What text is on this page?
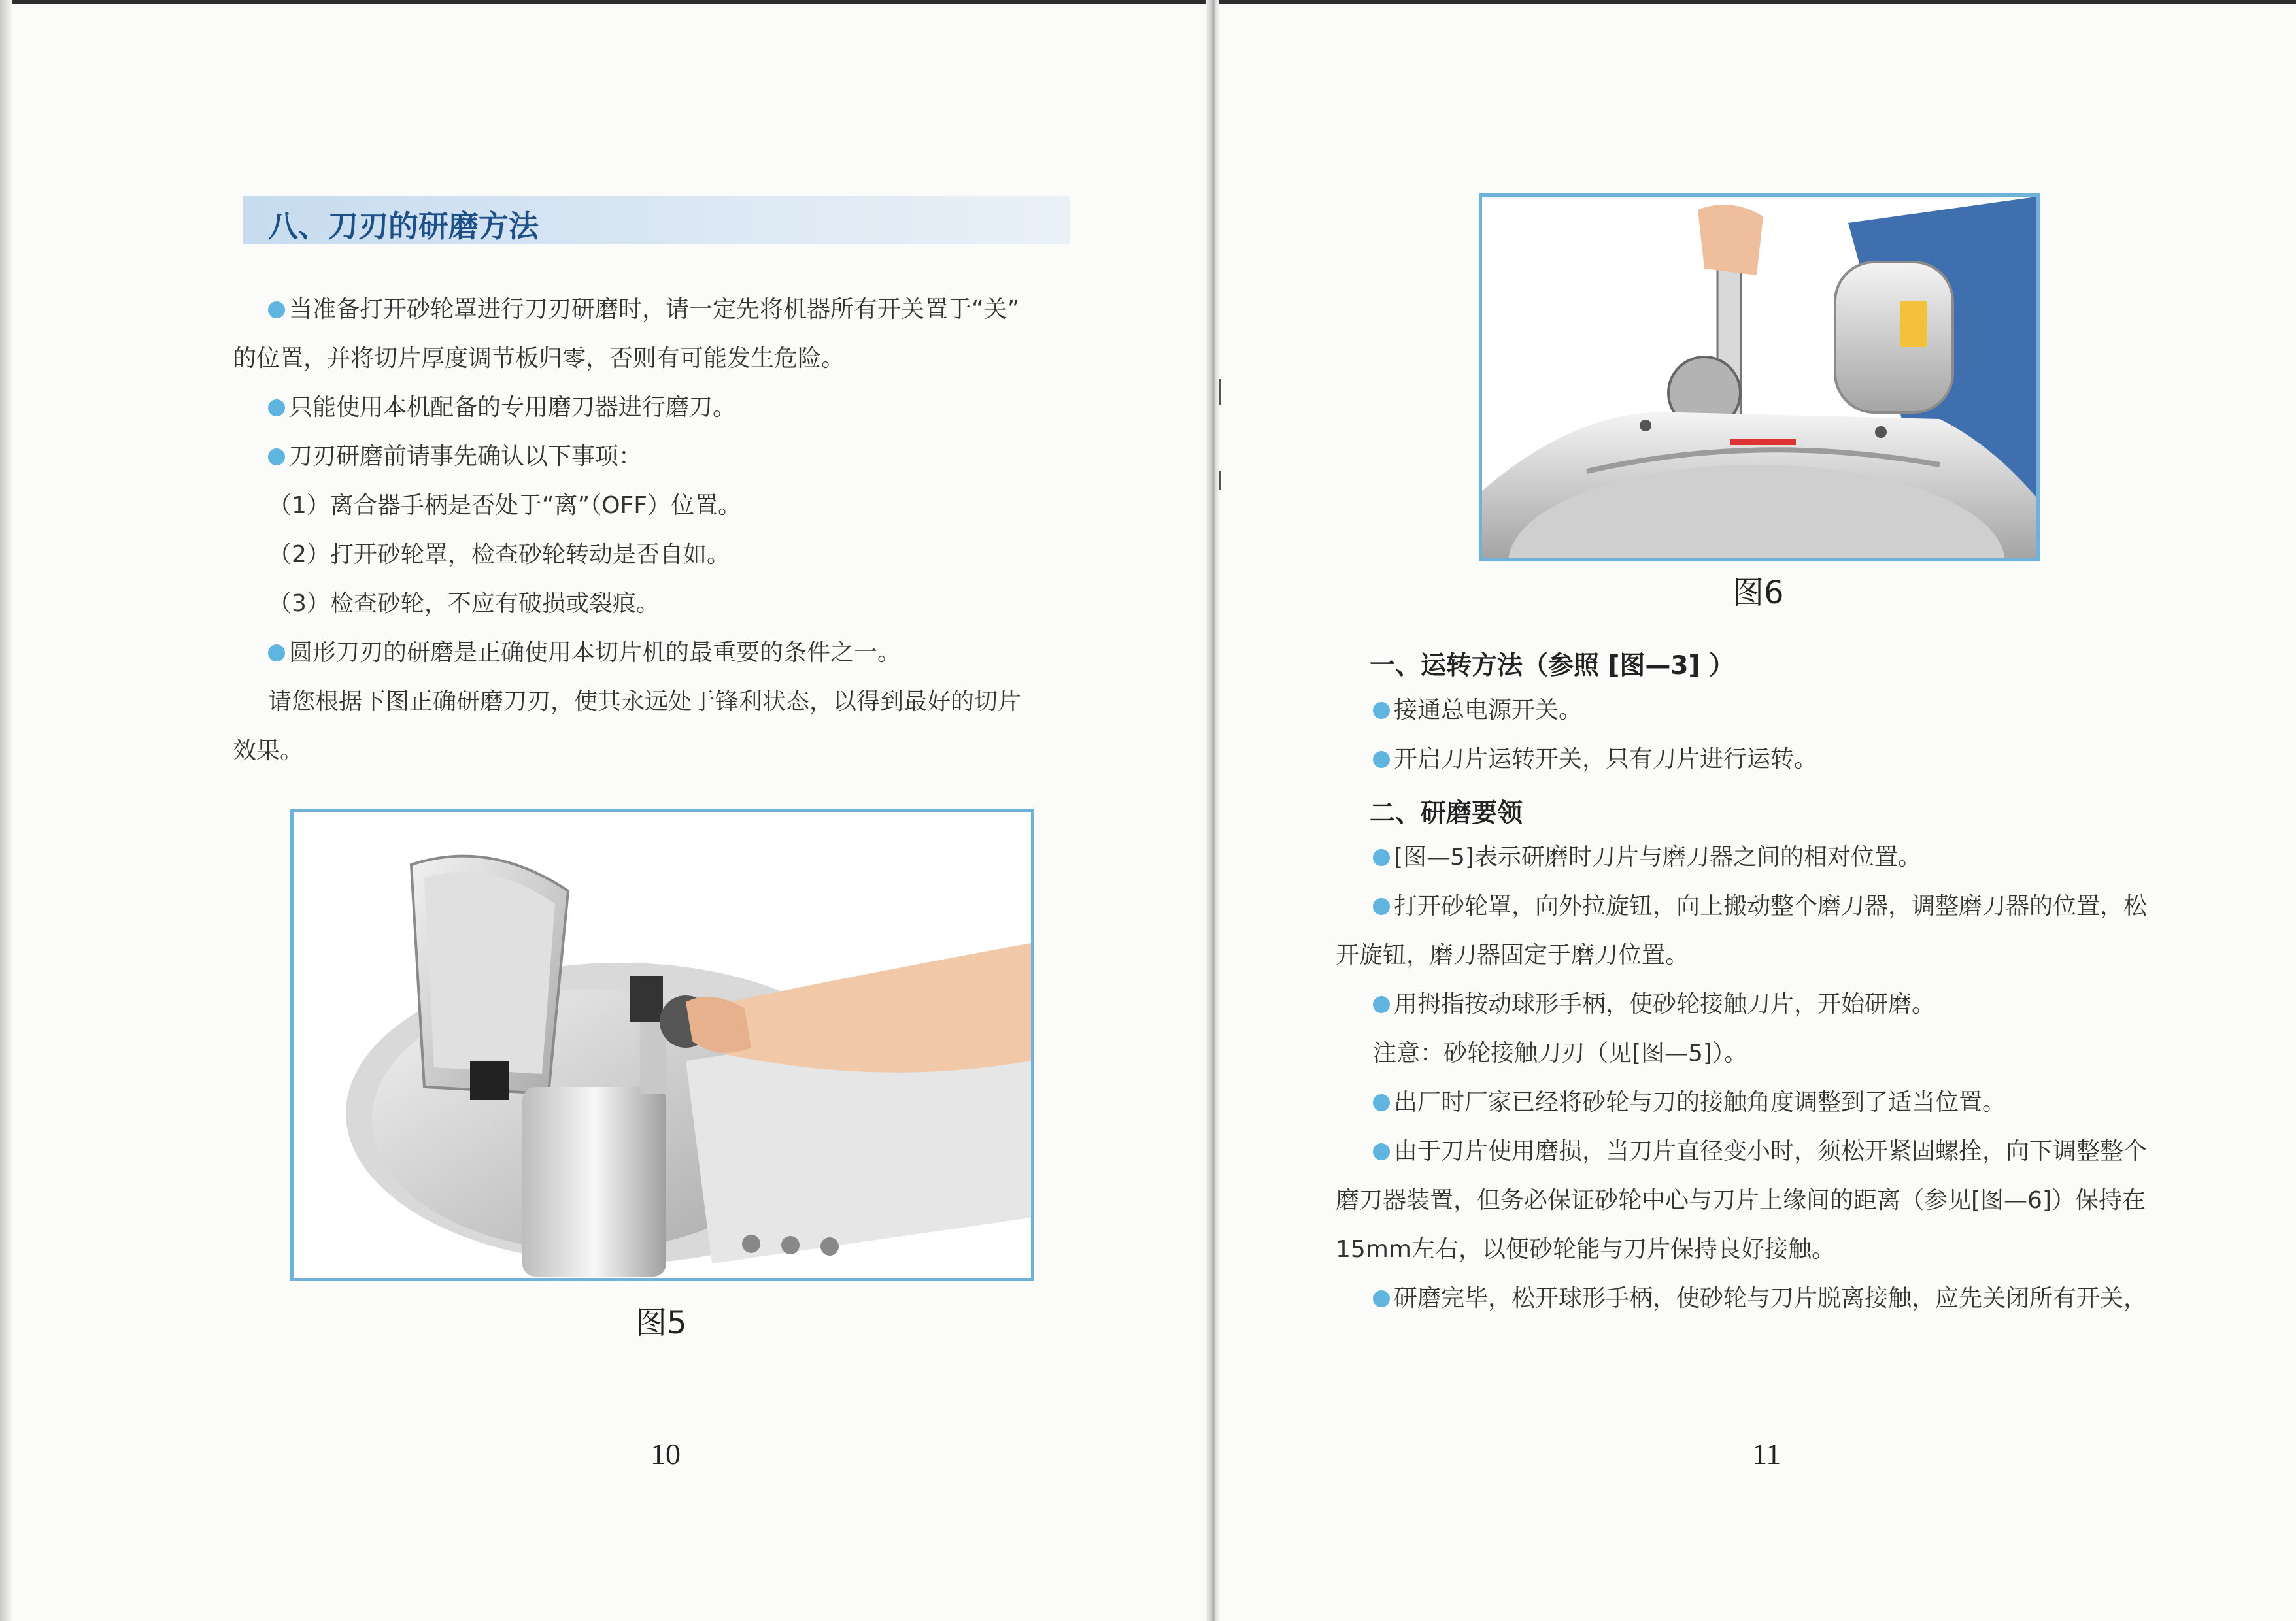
八、刀刃的研磨方法
当准备打开砂轮罩进行刀刃研磨时，请一定先将机器所有开关置于“关”
的位置，并将切片厚度调节板归零，否则有可能发生危险。
只能使用本机配备的专用磨刀器进行磨刀。
刀刃研磨前请事先确认以下事项：
（1）离合器手柄是否处于“离”（OFF）位置。
（2）打开砂轮罩，检查砂轮转动是否自如。
（3）检查砂轮，不应有破损或裂痕。
圆形刀刃的研磨是正确使用本切片机的最重要的条件之一。
请您根据下图正确研磨刀刃，使其永远处于锋利状态，以得到最好的切片
效果。
图5
10
图6
一、运转方法（参照 [图—3] ）
接通总电源开关。
开启刀片运转开关，只有刀片进行运转。
二、研磨要领
[图—5]表示研磨时刀片与磨刀器之间的相对位置。
打开砂轮罩，向外拉旋钮，向上搬动整个磨刀器，调整磨刀器的位置，松
开旋钮，磨刀器固定于磨刀位置。
用拇指按动球形手柄，使砂轮接触刀片，开始研磨。
注意：砂轮接触刀刃（见[图—5]）。
出厂时厂家已经将砂轮与刀的接触角度调整到了适当位置。
由于刀片使用磨损，当刀片直径变小时，须松开紧固螺拴，向下调整整个
磨刀器装置，但务必保证砂轮中心与刀片上缘间的距离（参见[图—6]）保持在
15mm左右，以便砂轮能与刀片保持良好接触。
研磨完毕，松开球形手柄，使砂轮与刀片脱离接触，应先关闭所有开关，
11
